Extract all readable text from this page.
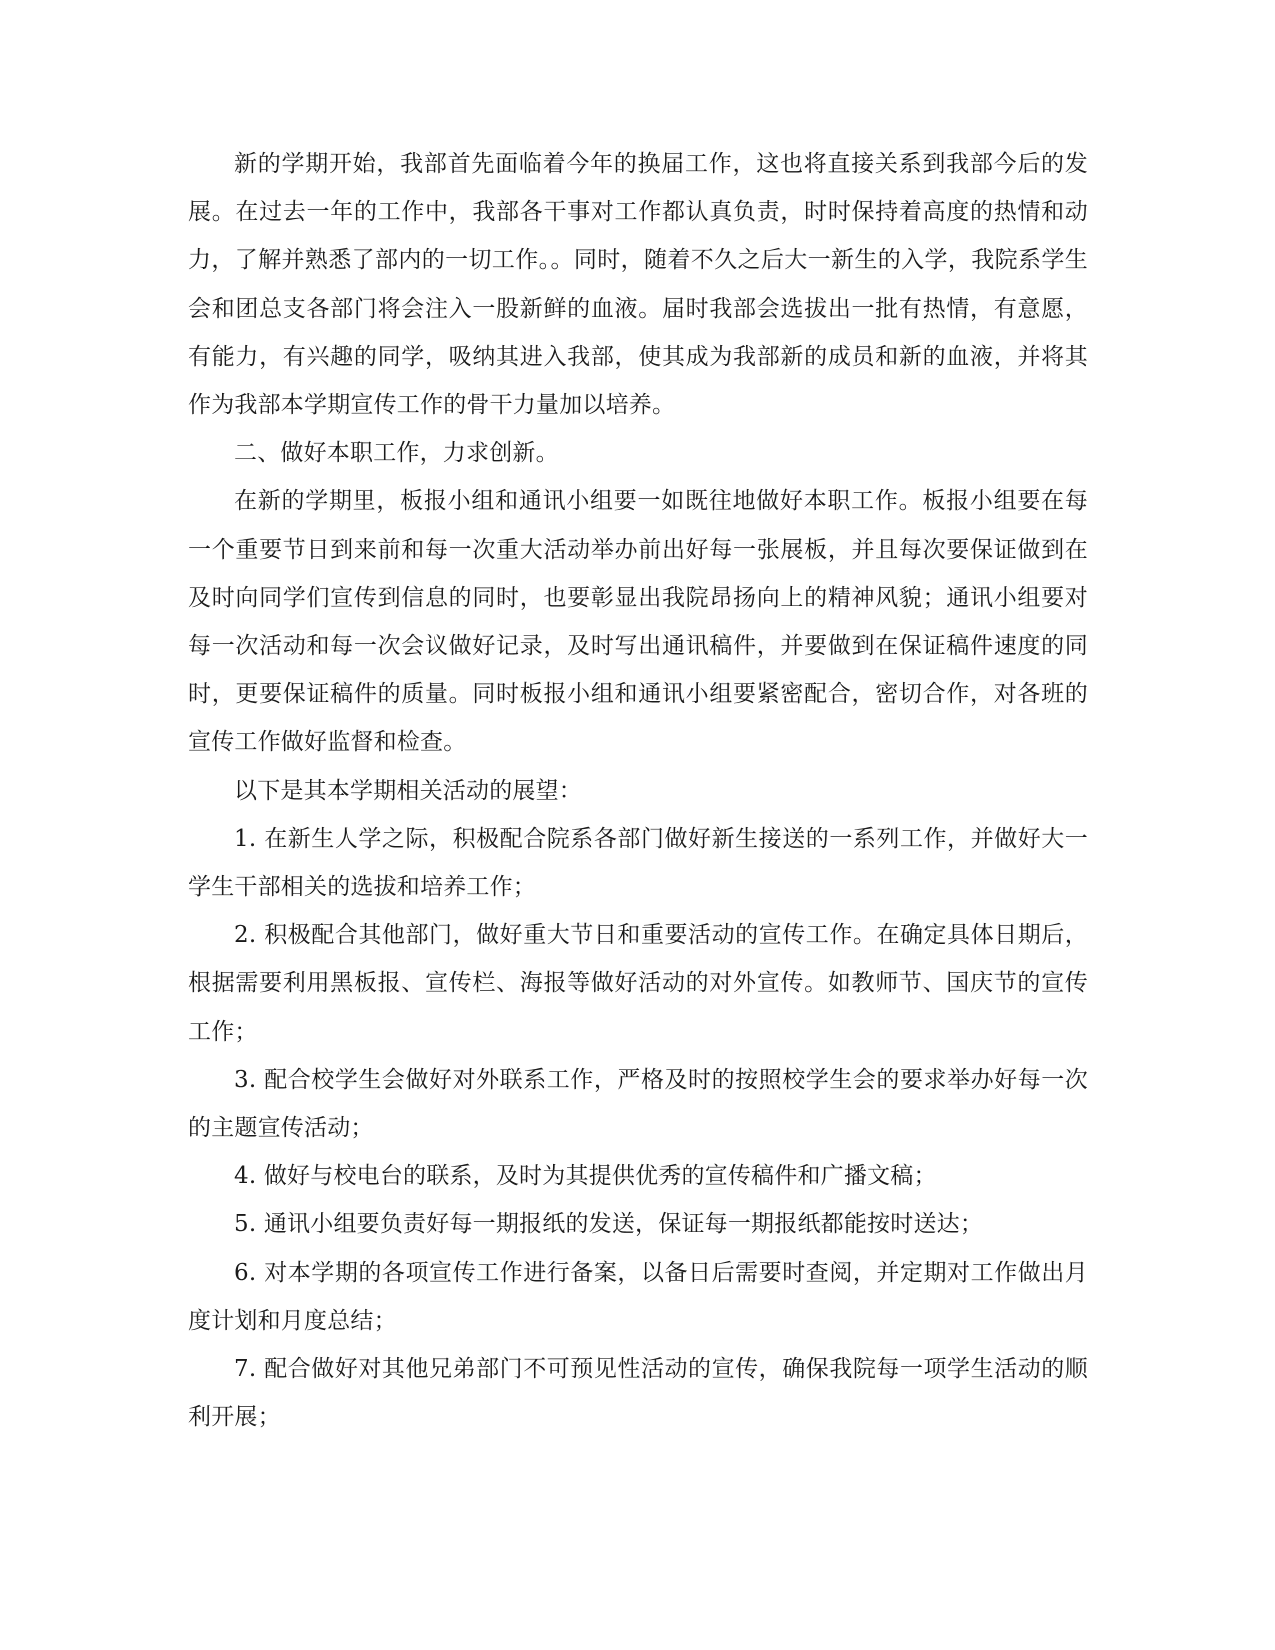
新的学期开始，我部首先面临着今年的换届工作，这也将直接关系到我部今后的发展。在过去一年的工作中，我部各干事对工作都认真负责，时时保持着高度的热情和动力，了解并熟悉了部内的一切工作。。同时，随着不久之后大一新生的入学，我院系学生会和团总支各部门将会注入一股新鲜的血液。届时我部会选拔出一批有热情，有意愿，有能力，有兴趣的同学，吸纳其进入我部，使其成为我部新的成员和新的血液，并将其作为我部本学期宣传工作的骨干力量加以培养。

二、做好本职工作，力求创新。

在新的学期里，板报小组和通讯小组要一如既往地做好本职工作。板报小组要在每一个重要节日到来前和每一次重大活动举办前出好每一张展板，并且每次要保证做到在及时向同学们宣传到信息的同时，也要彰显出我院昂扬向上的精神风貌；通讯小组要对每一次活动和每一次会议做好记录，及时写出通讯稿件，并要做到在保证稿件速度的同时，更要保证稿件的质量。同时板报小组和通讯小组要紧密配合，密切合作，对各班的宣传工作做好监督和检查。

以下是其本学期相关活动的展望：

1. 在新生人学之际，积极配合院系各部门做好新生接送的一系列工作，并做好大一学生干部相关的选拔和培养工作；

2. 积极配合其他部门，做好重大节日和重要活动的宣传工作。在确定具体日期后，根据需要利用黑板报、宣传栏、海报等做好活动的对外宣传。如教师节、国庆节的宣传工作；

3. 配合校学生会做好对外联系工作，严格及时的按照校学生会的要求举办好每一次的主题宣传活动；

4. 做好与校电台的联系，及时为其提供优秀的宣传稿件和广播文稿；

5. 通讯小组要负责好每一期报纸的发送，保证每一期报纸都能按时送达；

6. 对本学期的各项宣传工作进行备案，以备日后需要时查阅，并定期对工作做出月度计划和月度总结；

7. 配合做好对其他兄弟部门不可预见性活动的宣传，确保我院每一项学生活动的顺利开展；
